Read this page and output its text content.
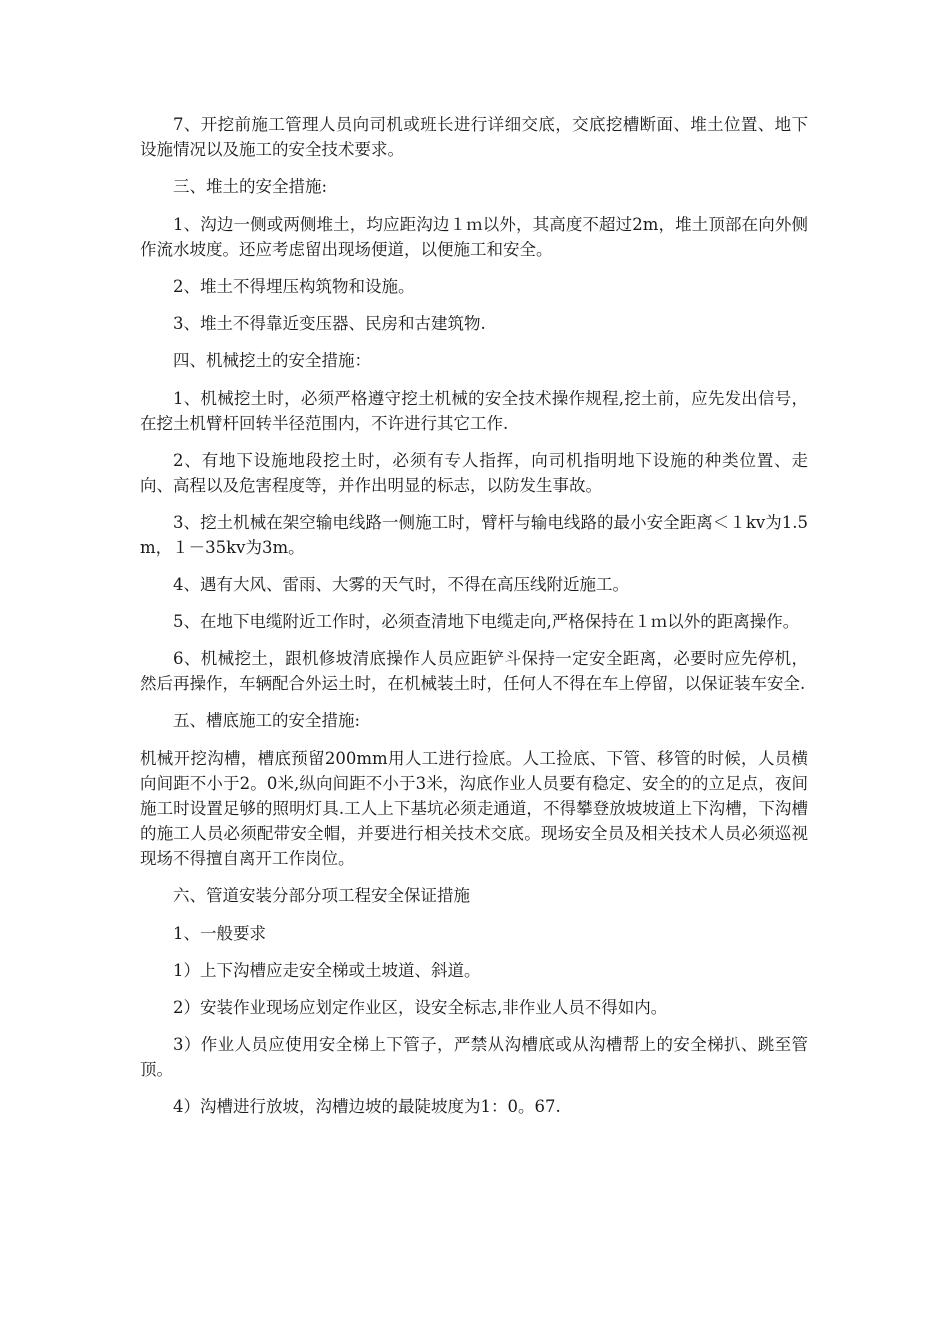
7、开挖前施工管理人员向司机或班长进行详细交底，交底挖槽断面、堆土位置、地下设施情况以及施工的安全技术要求。

三、堆土的安全措施:

1、沟边一侧或两侧堆土，均应距沟边１ｍ以外，其高度不超过2m，堆土顶部在向外侧作流水坡度。还应考虑留出现场便道，以便施工和安全。

2、堆土不得埋压构筑物和设施。

3、堆土不得靠近变压器、民房和古建筑物.

四、机械挖土的安全措施：

1、机械挖土时，必须严格遵守挖土机械的安全技术操作规程,挖土前，应先发出信号，在挖土机臂杆回转半径范围内，不许进行其它工作.

2、有地下设施地段挖土时，必须有专人指挥，向司机指明地下设施的种类位置、走向、高程以及危害程度等，并作出明显的标志，以防发生事故。

3、挖土机械在架空输电线路一侧施工时，臂杆与输电线路的最小安全距离＜１kv为1.5m，１－35kv为3m。

4、遇有大风、雷雨、大雾的天气时，不得在高压线附近施工。

5、在地下电缆附近工作时，必须查清地下电缆走向,严格保持在１ｍ以外的距离操作。

6、机械挖土，跟机修坡清底操作人员应距铲斗保持一定安全距离，必要时应先停机，然后再操作，车辆配合外运土时，在机械装土时，任何人不得在车上停留，以保证装车安全.

五、槽底施工的安全措施:

机械开挖沟槽，槽底预留200mm用人工进行捡底。人工捡底、下管、移管的时候，人员横向间距不小于2。0米,纵向间距不小于3米，沟底作业人员要有稳定、安全的的立足点，夜间施工时设置足够的照明灯具.工人上下基坑必须走通道，不得攀登放坡坡道上下沟槽，下沟槽的施工人员必须配带安全帽，并要进行相关技术交底。现场安全员及相关技术人员必须巡视现场不得擅自离开工作岗位。

六、管道安装分部分项工程安全保证措施

1、一般要求

1）上下沟槽应走安全梯或土坡道、斜道。

2）安装作业现场应划定作业区，设安全标志,非作业人员不得如内。

3）作业人员应使用安全梯上下管子，严禁从沟槽底或从沟槽帮上的安全梯扒、跳至管顶。

4）沟槽进行放坡，沟槽边坡的最陡坡度为1：0。67.
